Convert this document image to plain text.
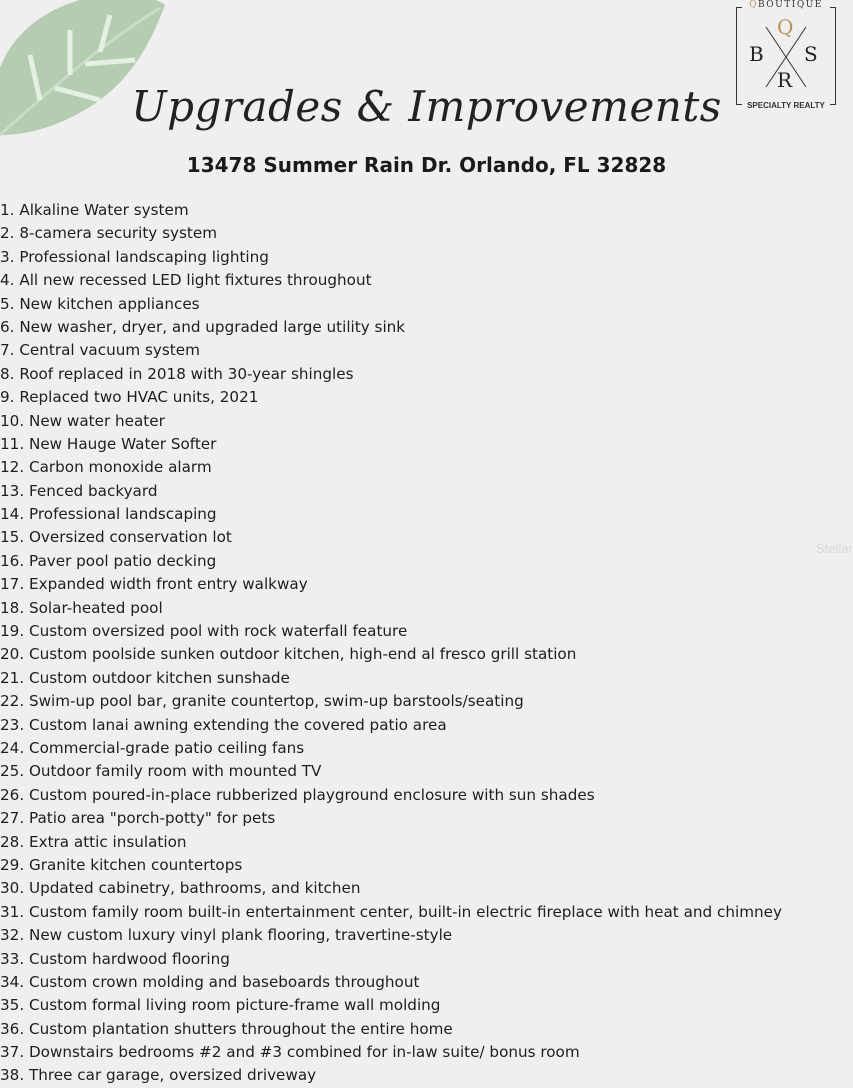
QBOUTIQUE
Q
B S
R
SPECIALTY REALTY
Upgrades & Improvements
13478 Summer Rain Dr. Orlando, FL 32828
1. Alkaline Water system
2. 8-camera security system
3. Professional landscaping lighting
4. All new recessed LED light fixtures throughout
5. New kitchen appliances
6. New washer, dryer, and upgraded large utility sink
7. Central vacuum system
8. Roof replaced in 2018 with 30-year shingles
9. Replaced two HVAC units, 2021
10. New water heater
11. New Hauge Water Softer
12. Carbon monoxide alarm
13. Fenced backyard
14. Professional landscaping
15. Oversized conservation lot
16. Paver pool patio decking
17. Expanded width front entry walkway
18. Solar-heated pool
19. Custom oversized pool with rock waterfall feature
20. Custom poolside sunken outdoor kitchen, high-end al fresco grill station
21. Custom outdoor kitchen sunshade
22. Swim-up pool bar, granite countertop, swim-up barstools/seating
23. Custom lanai awning extending the covered patio area
24. Commercial-grade patio ceiling fans
25. Outdoor family room with mounted TV
26. Custom poured-in-place rubberized playground enclosure with sun shades
27. Patio area "porch-potty" for pets
28. Extra attic insulation
29. Granite kitchen countertops
30. Updated cabinetry, bathrooms, and kitchen
31. Custom family room built-in entertainment center, built-in electric fireplace with heat and chimney
32. New custom luxury vinyl plank flooring, travertine-style
33. Custom hardwood flooring
34. Custom crown molding and baseboards throughout
35. Custom formal living room picture-frame wall molding
36. Custom plantation shutters throughout the entire home
37. Downstairs bedrooms #2 and #3 combined for in-law suite/ bonus room
38. Three car garage, oversized driveway
Stellar
